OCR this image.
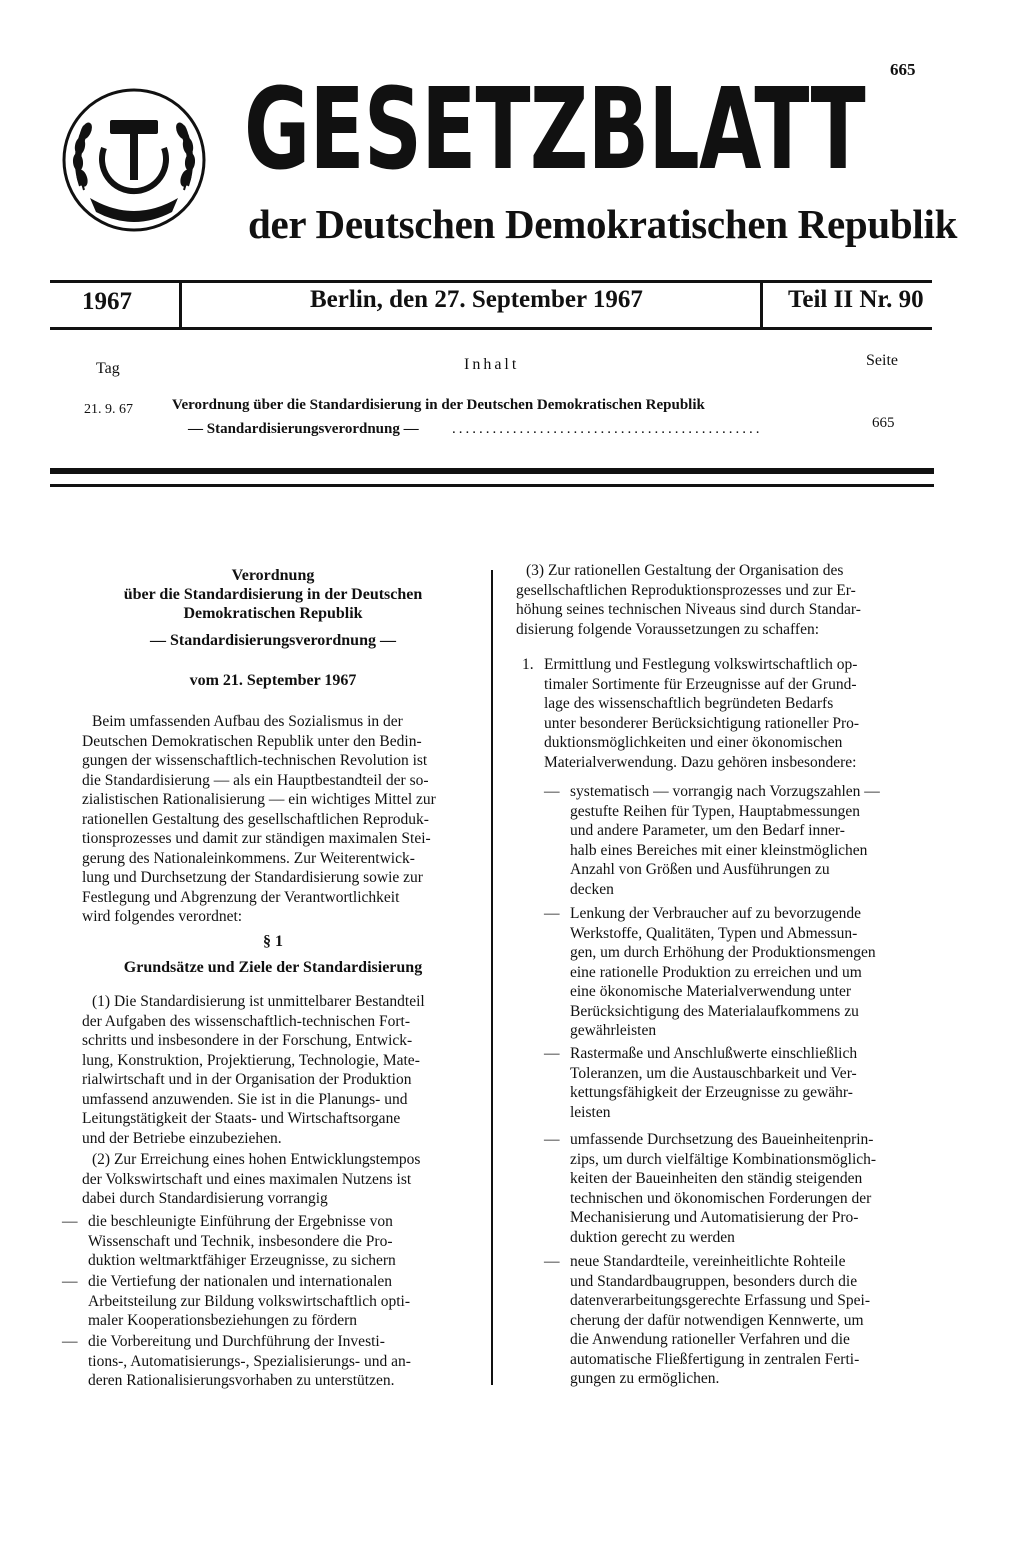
665
GESETZBLATT
der Deutschen Demokratischen Republik
1967	Berlin, den 27. September 1967	Teil II Nr. 90
Tag	Inhalt	Seite
21. 9. 67	Verordnung über die Standardisierung in der Deutschen Demokratischen Republik
— Standardisierungsverordnung — ..............................................	665
Verordnung
über die Standardisierung in der Deutschen
Demokratischen Republik
— Standardisierungsverordnung —
vom 21. September 1967

Beim umfassenden Aufbau des Sozialismus in der

Deutschen Demokratischen Republik unter den Bedin-

gungen der wissenschaftlich-technischen Revolution ist

die Standardisierung — als ein Hauptbestandteil der so-

zialistischen Rationalisierung — ein wichtiges Mittel zur

rationellen Gestaltung des gesellschaftlichen Reproduk-

tionsprozesses und damit zur ständigen maximalen Stei-

gerung des Nationaleinkommens. Zur Weiterentwick-

lung und Durchsetzung der Standardisierung sowie zur

Festlegung und Abgrenzung der Verantwortlichkeit

wird folgendes verordnet:

§ 1
Grundsätze und Ziele der Standardisierung

(1) Die Standardisierung ist unmittelbarer Bestandteil

der Aufgaben des wissenschaftlich-technischen Fort-

schritts und insbesondere in der Forschung, Entwick-

lung, Konstruktion, Projektierung, Technologie, Mate-

rialwirtschaft und in der Organisation der Produktion

umfassend anzuwenden. Sie ist in die Planungs- und

Leitungstätigkeit der Staats- und Wirtschaftsorgane

und der Betriebe einzubeziehen.

(2) Zur Erreichung eines hohen Entwicklungstempos

der Volkswirtschaft und eines maximalen Nutzens ist

dabei durch Standardisierung vorrangig

— die beschleunigte Einführung der Ergebnisse von

Wissenschaft und Technik, insbesondere die Pro-

duktion weltmarktfähiger Erzeugnisse, zu sichern

— die Vertiefung der nationalen und internationalen

Arbeitsteilung zur Bildung volkswirtschaftlich opti-

maler Kooperationsbeziehungen zu fördern

— die Vorbereitung und Durchführung der Investi-

tions-, Automatisierungs-, Spezialisierungs- und an-

deren Rationalisierungsvorhaben zu unterstützen.

(3) Zur rationellen Gestaltung der Organisation des

gesellschaftlichen Reproduktionsprozesses und zur Er-

höhung seines technischen Niveaus sind durch Standar-

disierung folgende Voraussetzungen zu schaffen:

1. Ermittlung und Festlegung volkswirtschaftlich op-

timaler Sortimente für Erzeugnisse auf der Grund-

lage des wissenschaftlich begründeten Bedarfs

unter besonderer Berücksichtigung rationeller Pro-

duktionsmöglichkeiten und einer ökonomischen

Materialverwendung. Dazu gehören insbesondere:

— systematisch — vorrangig nach Vorzugszahlen —

gestufte Reihen für Typen, Hauptabmessungen

und andere Parameter, um den Bedarf inner-

halb eines Bereiches mit einer kleinstmöglichen

Anzahl von Größen und Ausführungen zu

decken

— Lenkung der Verbraucher auf zu bevorzugende

Werkstoffe, Qualitäten, Typen und Abmessun-

gen, um durch Erhöhung der Produktionsmengen

eine rationelle Produktion zu erreichen und um

eine ökonomische Materialverwendung unter

Berücksichtigung des Materialaufkommens zu

gewährleisten

— Rastermaße und Anschlußwerte einschließlich

Toleranzen, um die Austauschbarkeit und Ver-

kettungsfähigkeit der Erzeugnisse zu gewähr-

leisten

— umfassende Durchsetzung des Baueinheitenprin-

zips, um durch vielfältige Kombinationsmöglich-

keiten der Baueinheiten den ständig steigenden

technischen und ökonomischen Forderungen der

Mechanisierung und Automatisierung der Pro-

duktion gerecht zu werden

— neue Standardteile, vereinheitlichte Rohteile

und Standardbaugruppen, besonders durch die

datenverarbeitungsgerechte Erfassung und Spei-

cherung der dafür notwendigen Kennwerte, um

die Anwendung rationeller Verfahren und die

automatische Fließfertigung in zentralen Ferti-

gungen zu ermöglichen.
